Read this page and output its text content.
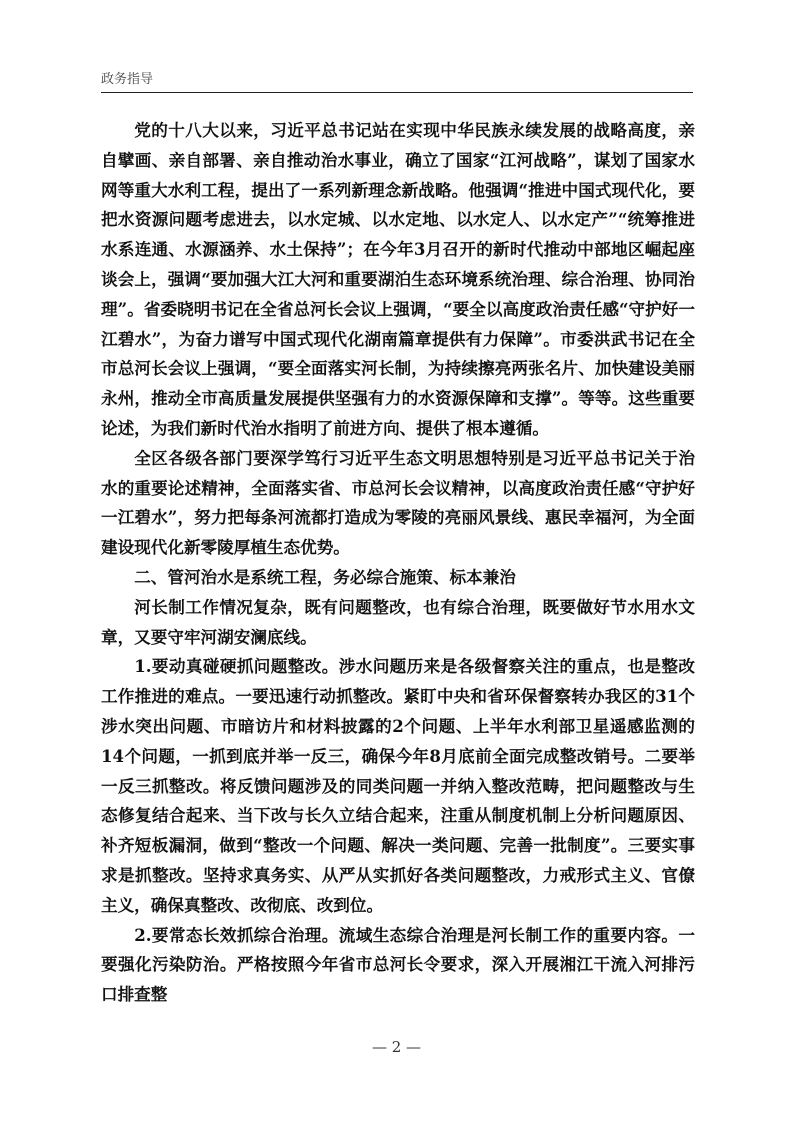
政务指导

党的十八大以来，习近平总书记站在实现中华民族永续发展的战略高度，亲自擘画、亲自部署、亲自推动治水事业，确立了国家“江河战略”，谋划了国家水网等重大水利工程，提出了一系列新理念新战略。他强调“推进中国式现代化，要把水资源问题考虑进去，以水定城、以水定地、以水定人、以水定产”“统筹推进水系连通、水源涵养、水土保持”；在今年3月召开的新时代推动中部地区崛起座谈会上，强调“要加强大江大河和重要湖泊生态环境系统治理、综合治理、协同治理”。省委晓明书记在全省总河长会议上强调，“要全以高度政治责任感“守护好一江碧水”，为奋力谱写中国式现代化湖南篇章提供有力保障”。市委洪武书记在全市总河长会议上强调，“要全面落实河长制，为持续擦亮两张名片、加快建设美丽永州，推动全市高质量发展提供坚强有力的水资源保障和支撑”。等等。这些重要论述，为我们新时代治水指明了前进方向、提供了根本遵循。

全区各级各部门要深学笃行习近平生态文明思想特别是习近平总书记关于治水的重要论述精神，全面落实省、市总河长会议精神，以高度政治责任感“守护好一江碧水”，努力把每条河流都打造成为零陵的亮丽风景线、惠民幸福河，为全面建设现代化新零陵厚植生态优势。

二、管河治水是系统工程，务必综合施策、标本兼治

河长制工作情况复杂，既有问题整改，也有综合治理，既要做好节水用水文章，又要守牢河湖安澜底线。

1.要动真碰硬抓问题整改。涉水问题历来是各级督察关注的重点，也是整改工作推进的难点。一要迅速行动抓整改。紧盯中央和省环保督察转办我区的31个涉水突出问题、市暗访片和材料披露的2个问题、上半年水利部卫星遥感监测的14个问题，一抓到底并举一反三，确保今年8月底前全面完成整改销号。二要举一反三抓整改。将反馈问题涉及的同类问题一并纳入整改范畴，把问题整改与生态修复结合起来、当下改与长久立结合起来，注重从制度机制上分析问题原因、补齐短板漏洞，做到“整改一个问题、解决一类问题、完善一批制度”。三要实事求是抓整改。坚持求真务实、从严从实抓好各类问题整改，力戒形式主义、官僚主义，确保真整改、改彻底、改到位。

2.要常态长效抓综合治理。流域生态综合治理是河长制工作的重要内容。一要强化污染防治。严格按照今年省市总河长令要求，深入开展湘江干流入河排污口排查整

— 2 —
